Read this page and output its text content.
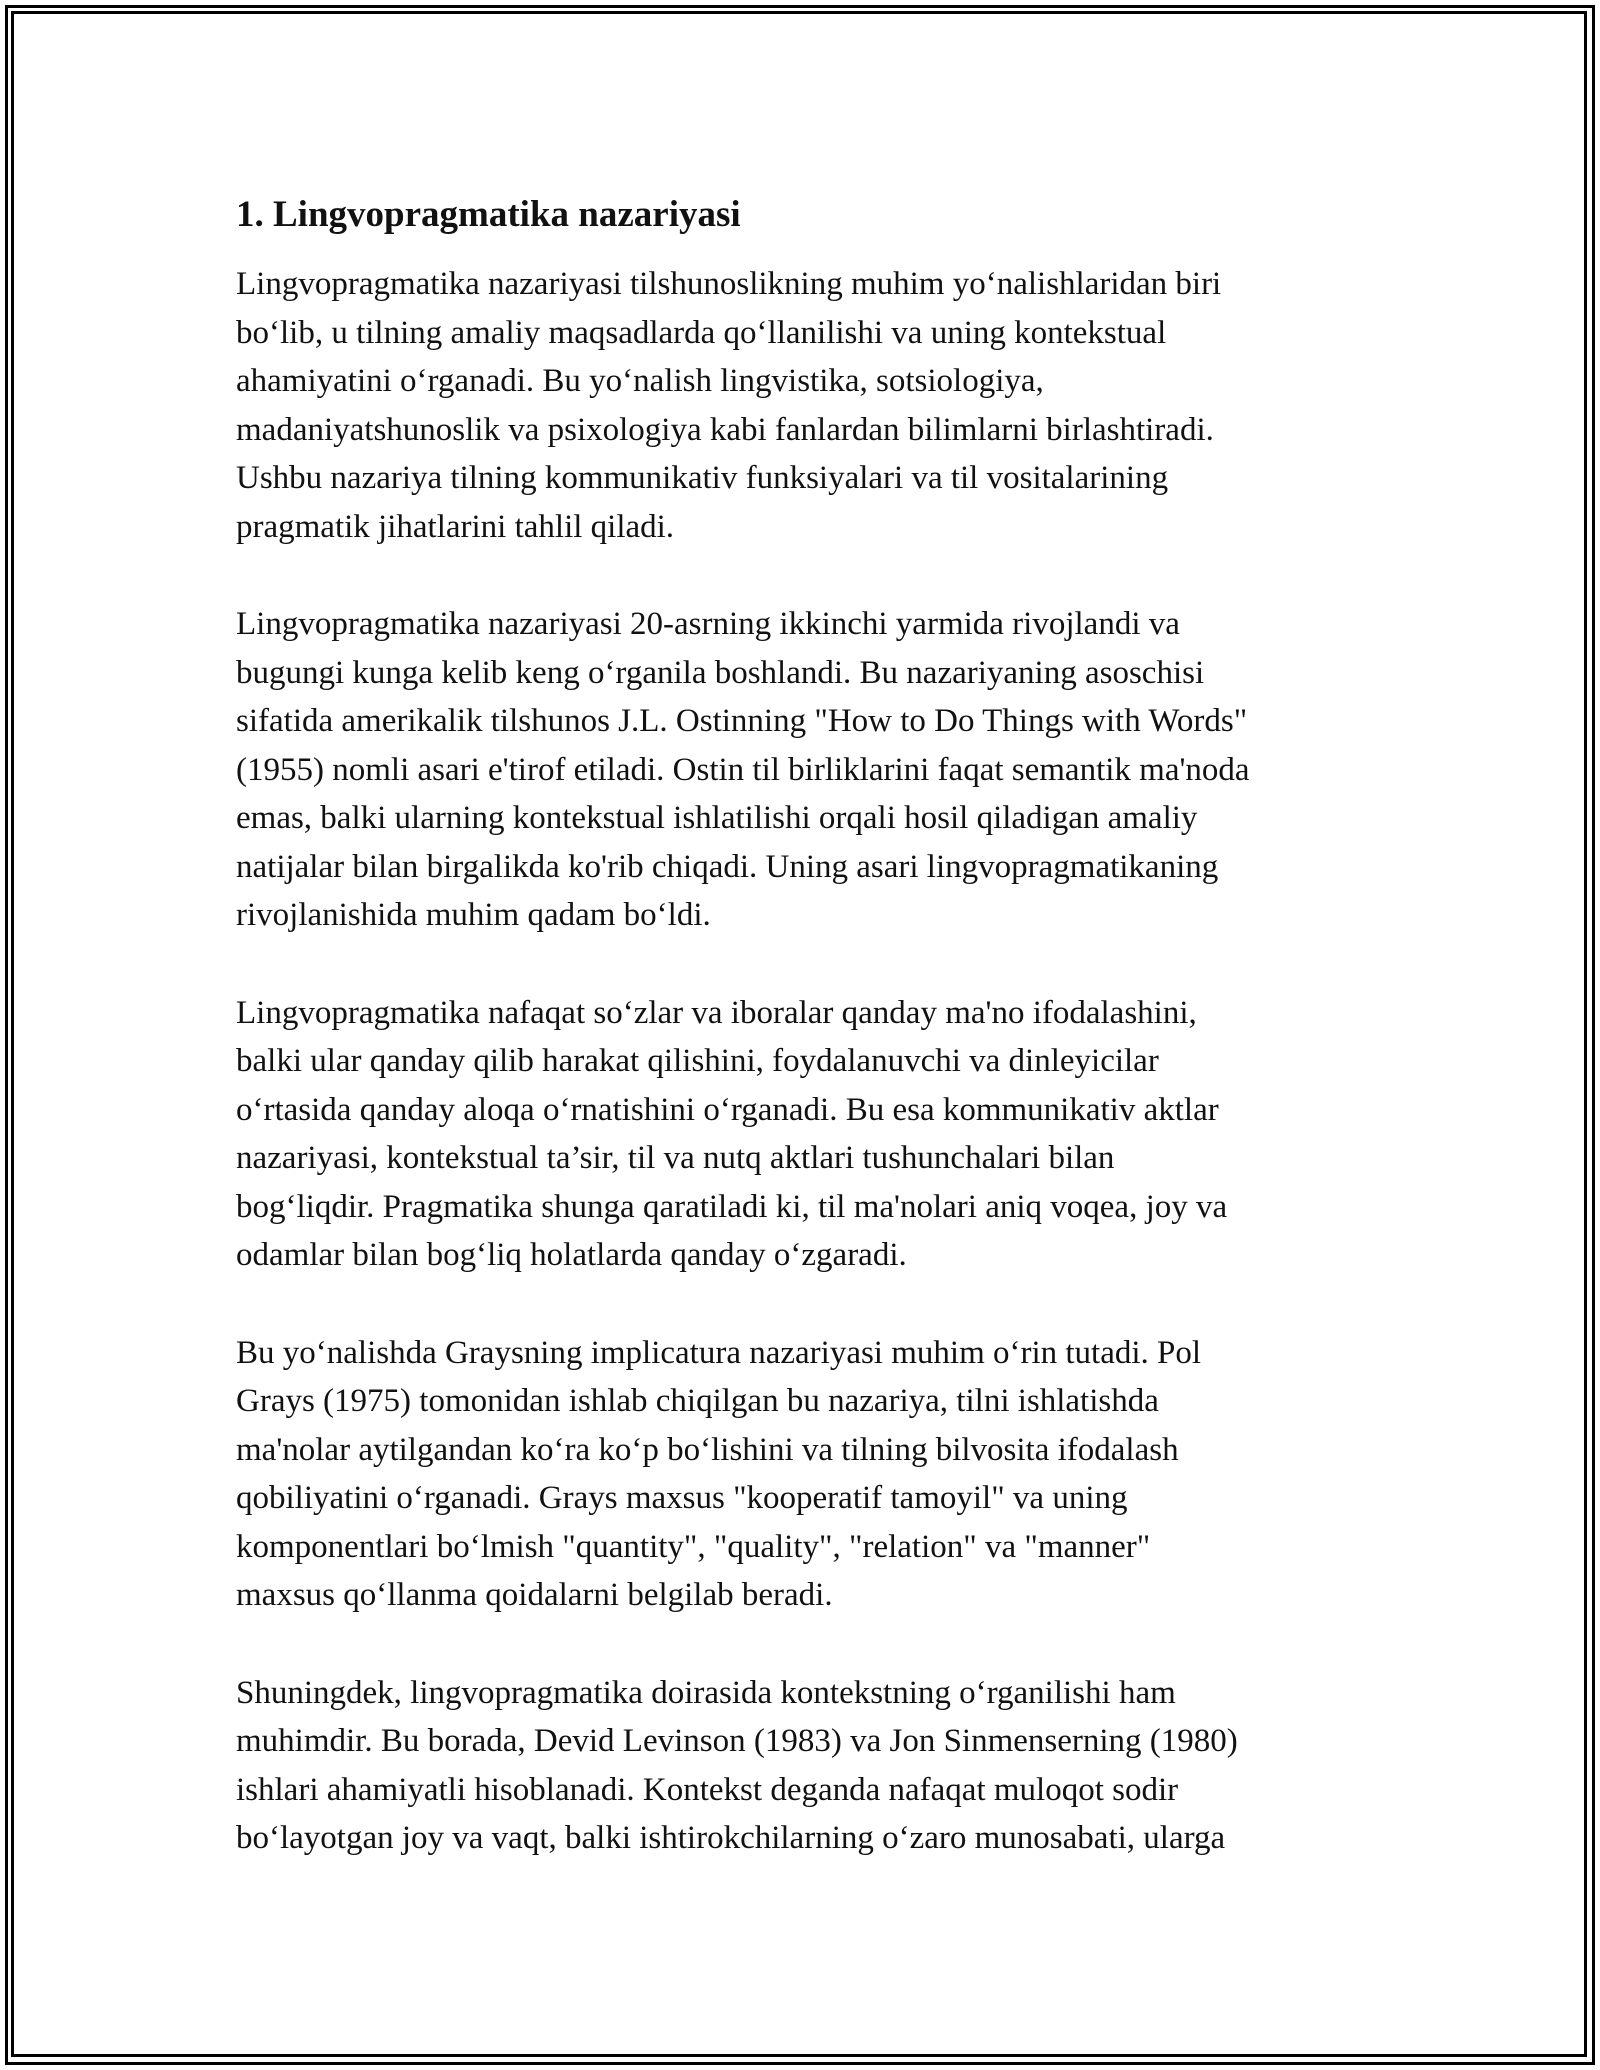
1. Lingvopragmatika nazariyasi

Lingvopragmatika nazariyasi tilshunoslikning muhim yo‘nalishlaridan biri
bo‘lib, u tilning amaliy maqsadlarda qo‘llanilishi va uning kontekstual
ahamiyatini o‘rganadi. Bu yo‘nalish lingvistika, sotsiologiya,
madaniyatshunoslik va psixologiya kabi fanlardan bilimlarni birlashtiradi.
Ushbu nazariya tilning kommunikativ funksiyalari va til vositalarining
pragmatik jihatlarini tahlil qiladi.

Lingvopragmatika nazariyasi 20-asrning ikkinchi yarmida rivojlandi va
bugungi kunga kelib keng o‘rganila boshlandi. Bu nazariyaning asoschisi
sifatida amerikalik tilshunos J.L. Ostinning "How to Do Things with Words"
(1955) nomli asari e'tirof etiladi. Ostin til birliklarini faqat semantik ma'noda
emas, balki ularning kontekstual ishlatilishi orqali hosil qiladigan amaliy
natijalar bilan birgalikda ko'rib chiqadi. Uning asari lingvopragmatikaning
rivojlanishida muhim qadam bo‘ldi.

Lingvopragmatika nafaqat so‘zlar va iboralar qanday ma'no ifodalashini,
balki ular qanday qilib harakat qilishini, foydalanuvchi va dinleyicilar
o‘rtasida qanday aloqa o‘rnatishini o‘rganadi. Bu esa kommunikativ aktlar
nazariyasi, kontekstual ta’sir, til va nutq aktlari tushunchalari bilan
bog‘liqdir. Pragmatika shunga qaratiladi ki, til ma'nolari aniq voqea, joy va
odamlar bilan bog‘liq holatlarda qanday o‘zgaradi.

Bu yo‘nalishda Graysning implicatura nazariyasi muhim o‘rin tutadi. Pol
Grays (1975) tomonidan ishlab chiqilgan bu nazariya, tilni ishlatishda
ma'nolar aytilgandan ko‘ra ko‘p bo‘lishini va tilning bilvosita ifodalash
qobiliyatini o‘rganadi. Grays maxsus "kooperatif tamoyil" va uning
komponentlari bo‘lmish "quantity", "quality", "relation" va "manner"
maxsus qo‘llanma qoidalarni belgilab beradi.

Shuningdek, lingvopragmatika doirasida kontekstning o‘rganilishi ham
muhimdir. Bu borada, Devid Levinson (1983) va Jon Sinmenserning (1980)
ishlari ahamiyatli hisoblanadi. Kontekst deganda nafaqat muloqot sodir
bo‘layotgan joy va vaqt, balki ishtirokchilarning o‘zaro munosabati, ularga
